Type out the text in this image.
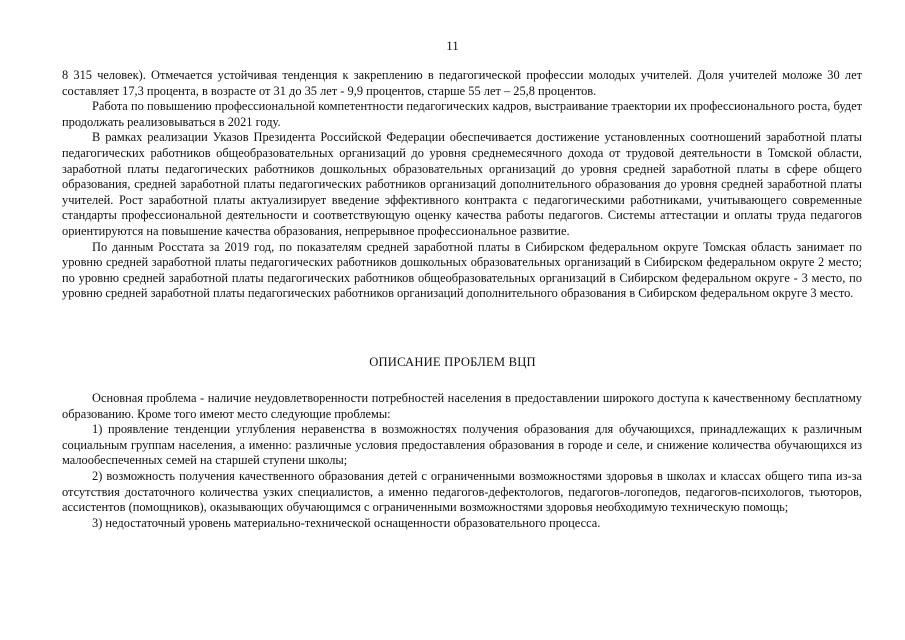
11

8 315 человек). Отмечается устойчивая тенденция к закреплению в педагогической профессии молодых учителей. Доля учителей моложе 30 лет составляет 17,3 процента, в возрасте от 31 до 35 лет - 9,9 процентов, старше 55 лет – 25,8 процентов.

Работа по повышению профессиональной компетентности педагогических кадров, выстраивание траектории их профессионального роста, будет продолжать реализовываться в 2021 году.

В рамках реализации Указов Президента Российской Федерации обеспечивается достижение установленных соотношений заработной платы педагогических работников общеобразовательных организаций до уровня среднемесячного дохода от трудовой деятельности в Томской области, заработной платы педагогических работников дошкольных образовательных организаций до уровня средней заработной платы в сфере общего образования, средней заработной платы педагогических работников организаций дополнительного образования до уровня средней заработной платы учителей. Рост заработной платы актуализирует введение эффективного контракта с педагогическими работниками, учитывающего современные стандарты профессиональной деятельности и соответствующую оценку качества работы педагогов. Системы аттестации и оплаты труда педагогов ориентируются на повышение качества образования, непрерывное профессиональное развитие.

По данным Росстата за 2019 год, по показателям средней заработной платы в Сибирском федеральном округе Томская область занимает по уровню средней заработной платы педагогических работников дошкольных образовательных организаций в Сибирском федеральном округе 2 место; по уровню средней заработной платы педагогических работников общеобразовательных организаций в Сибирском федеральном округе - 3 место, по уровню средней заработной платы педагогических работников организаций дополнительного образования в Сибирском федеральном округе 3 место.

ОПИСАНИЕ ПРОБЛЕМ ВЦП

Основная проблема - наличие неудовлетворенности потребностей населения в предоставлении широкого доступа к качественному бесплатному образованию. Кроме того имеют место следующие проблемы:

1) проявление тенденции углубления неравенства в возможностях получения образования для обучающихся, принадлежащих к различным социальным группам населения, а именно: различные условия предоставления образования в городе и селе, и снижение количества обучающихся из малообеспеченных семей на старшей ступени школы;

2) возможность получения качественного образования детей с ограниченными возможностями здоровья в школах и классах общего типа из-за отсутствия достаточного количества узких специалистов, а именно педагогов-дефектологов, педагогов-логопедов, педагогов-психологов, тьюторов, ассистентов (помощников), оказывающих обучающимся с ограниченными возможностями здоровья необходимую техническую помощь;

3) недостаточный уровень материально-технической оснащенности образовательного процесса.
